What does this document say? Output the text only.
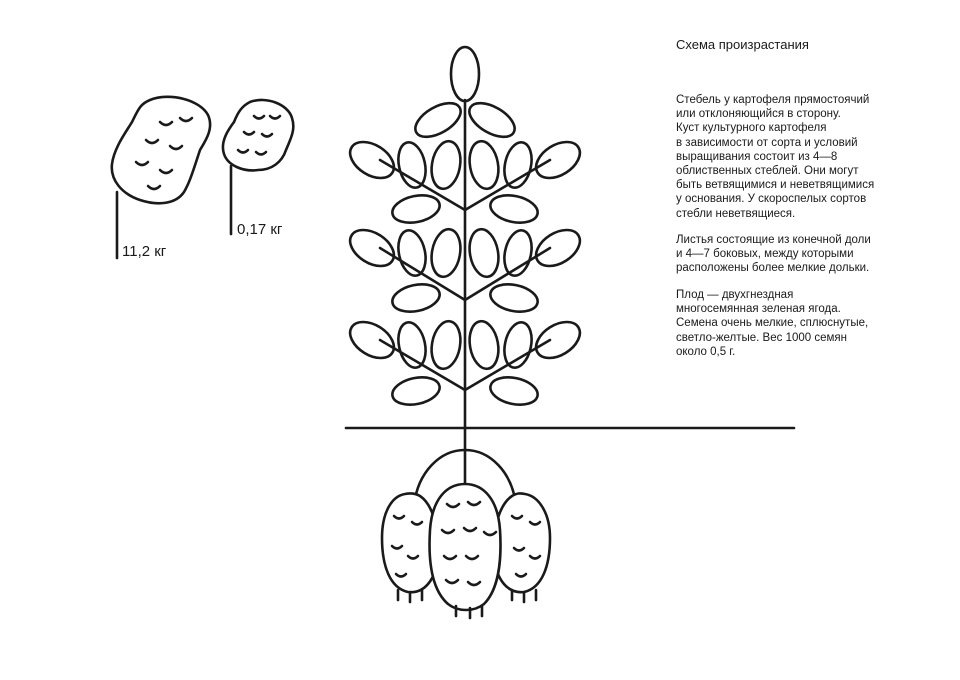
11,2 кг
0,17 кг
Схема произрастания
Стебель у картофеля прямостоячий
или отклоняющийся в сторону.
Куст культурного картофеля
в зависимости от сорта и условий
выращивания состоит из 4—8
облиственных стеблей. Они могут
быть ветвящимися и неветвящимися
у основания. У скороспелых сортов
стебли неветвящиеся.
Листья состоящие из конечной доли
и 4—7 боковых, между которыми
расположены более мелкие дольки.
Плод — двухгнездная
многосемянная зеленая ягода.
Семена очень мелкие, сплюснутые,
светло-желтые. Вес 1000 семян
около 0,5 г.
